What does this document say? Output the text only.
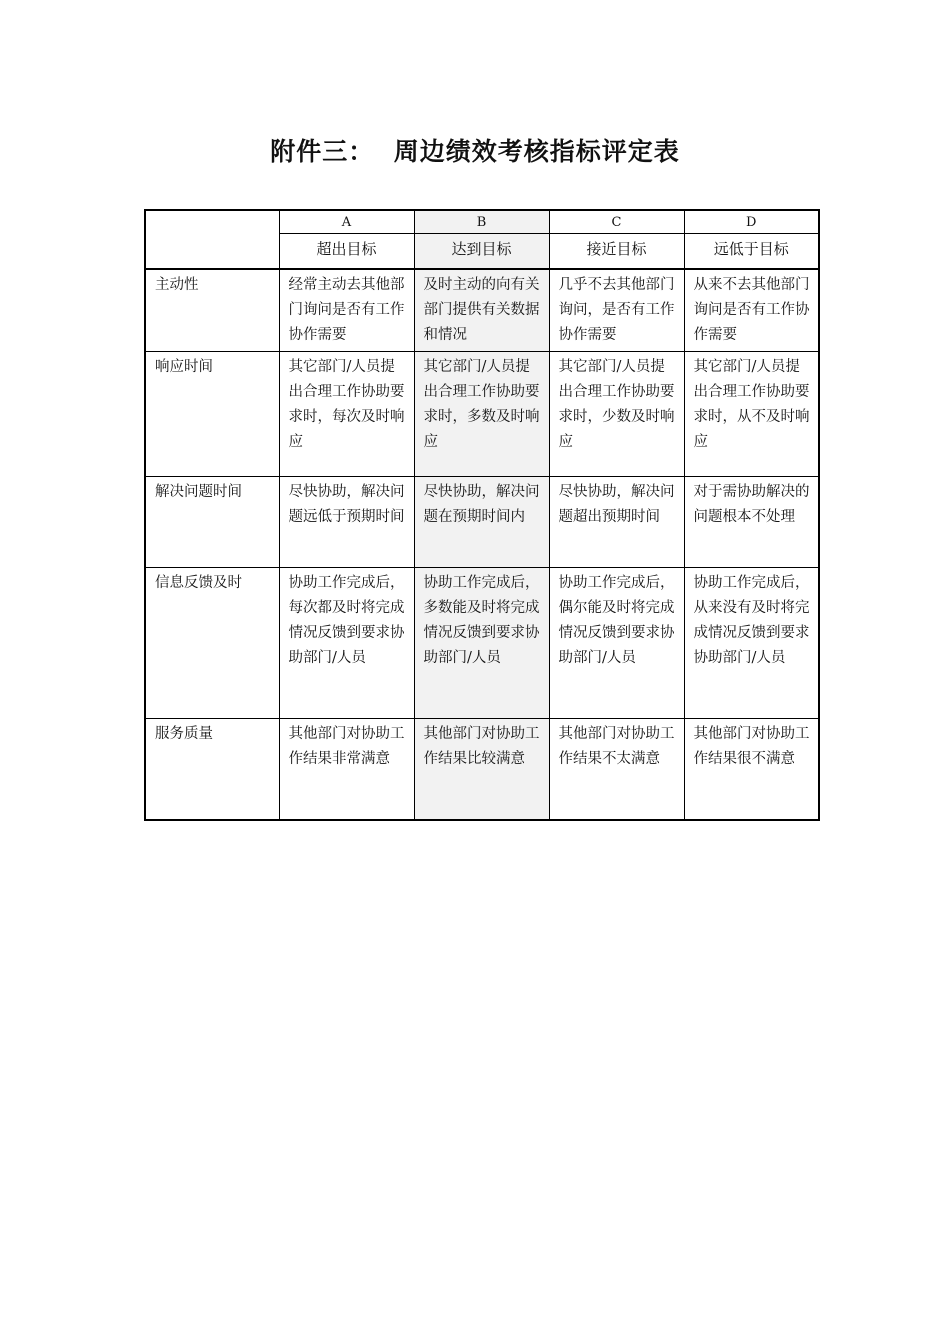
附件三：  周边绩效考核指标评定表
	A	B	C	D
	超出目标	达到目标	接近目标	远低于目标
主动性	经常主动去其他部门询问是否有工作协作需要	及时主动的向有关部门提供有关数据和情况	几乎不去其他部门询问，是否有工作协作需要	从来不去其他部门询问是否有工作协作需要
响应时间	其它部门/人员提出合理工作协助要求时，每次及时响应	其它部门/人员提出合理工作协助要求时，多数及时响应	其它部门/人员提出合理工作协助要求时，少数及时响应	其它部门/人员提出合理工作协助要求时，从不及时响应
解决问题时间	尽快协助，解决问题远低于预期时间	尽快协助，解决问题在预期时间内	尽快协助，解决问题超出预期时间	对于需协助解决的问题根本不处理
信息反馈及时	协助工作完成后，每次都及时将完成情况反馈到要求协助部门/人员	协助工作完成后，多数能及时将完成情况反馈到要求协助部门/人员	协助工作完成后，偶尔能及时将完成情况反馈到要求协助部门/人员	协助工作完成后，从来没有及时将完成情况反馈到要求协助部门/人员
服务质量	其他部门对协助工作结果非常满意	其他部门对协助工作结果比较满意	其他部门对协助工作结果不太满意	其他部门对协助工作结果很不满意
